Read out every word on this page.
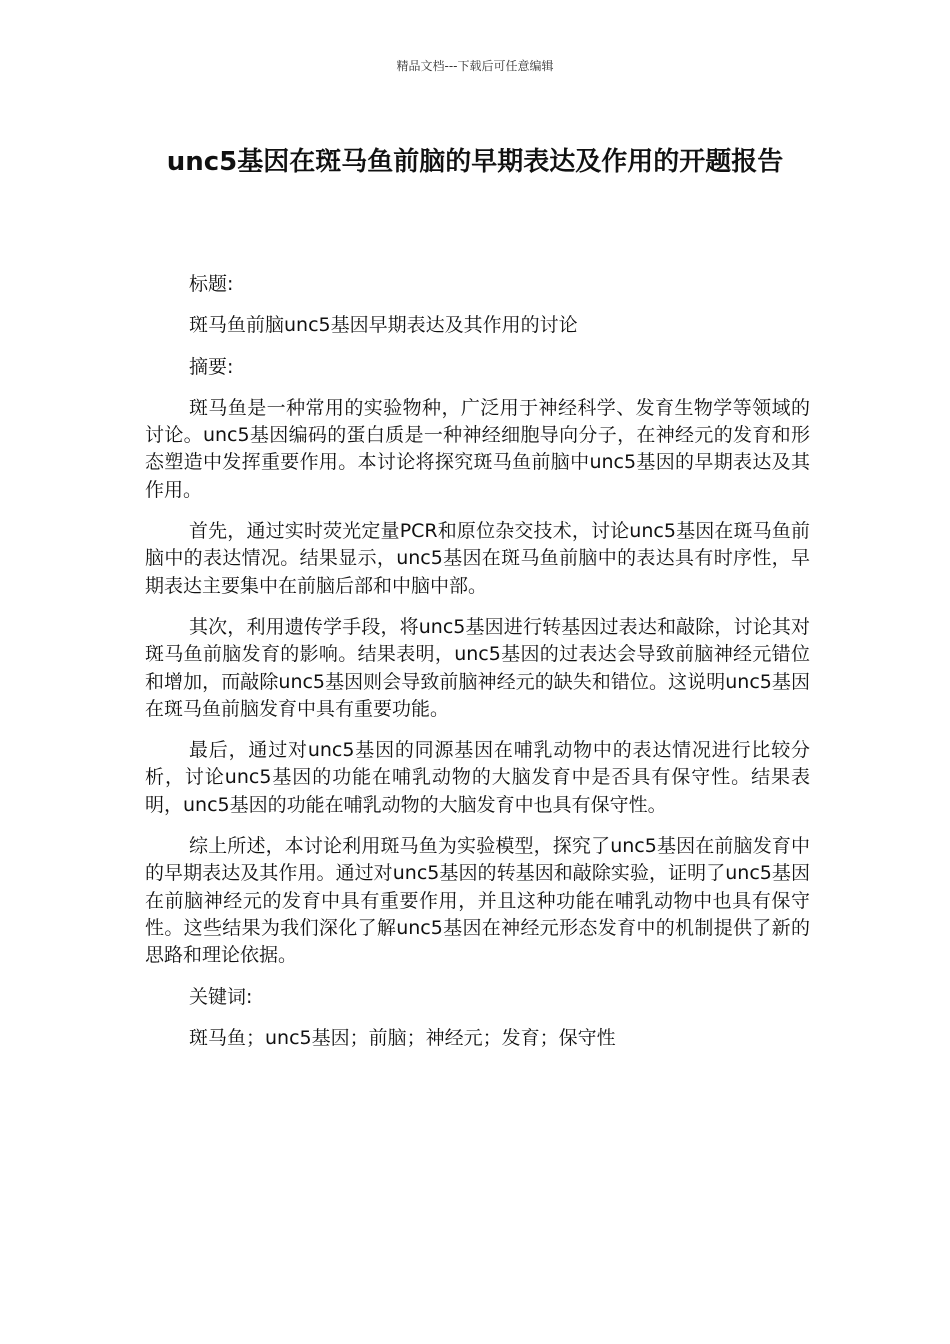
精品文档---下载后可任意编辑
unc5基因在斑马鱼前脑的早期表达及作用的开题报告

标题:

斑马鱼前脑unc5基因早期表达及其作用的讨论

摘要:

斑马鱼是一种常用的实验物种，广泛用于神经科学、发育生物学等领域的讨论。unc5基因编码的蛋白质是一种神经细胞导向分子，在神经元的发育和形态塑造中发挥重要作用。本讨论将探究斑马鱼前脑中unc5基因的早期表达及其作用。

首先，通过实时荧光定量PCR和原位杂交技术，讨论unc5基因在斑马鱼前脑中的表达情况。结果显示，unc5基因在斑马鱼前脑中的表达具有时序性，早期表达主要集中在前脑后部和中脑中部。

其次，利用遗传学手段，将unc5基因进行转基因过表达和敲除，讨论其对斑马鱼前脑发育的影响。结果表明，unc5基因的过表达会导致前脑神经元错位和增加，而敲除unc5基因则会导致前脑神经元的缺失和错位。这说明unc5基因在斑马鱼前脑发育中具有重要功能。

最后，通过对unc5基因的同源基因在哺乳动物中的表达情况进行比较分析，讨论unc5基因的功能在哺乳动物的大脑发育中是否具有保守性。结果表明，unc5基因的功能在哺乳动物的大脑发育中也具有保守性。

综上所述，本讨论利用斑马鱼为实验模型，探究了unc5基因在前脑发育中的早期表达及其作用。通过对unc5基因的转基因和敲除实验，证明了unc5基因在前脑神经元的发育中具有重要作用，并且这种功能在哺乳动物中也具有保守性。这些结果为我们深化了解unc5基因在神经元形态发育中的机制提供了新的思路和理论依据。

关键词:

斑马鱼；unc5基因；前脑；神经元；发育；保守性
